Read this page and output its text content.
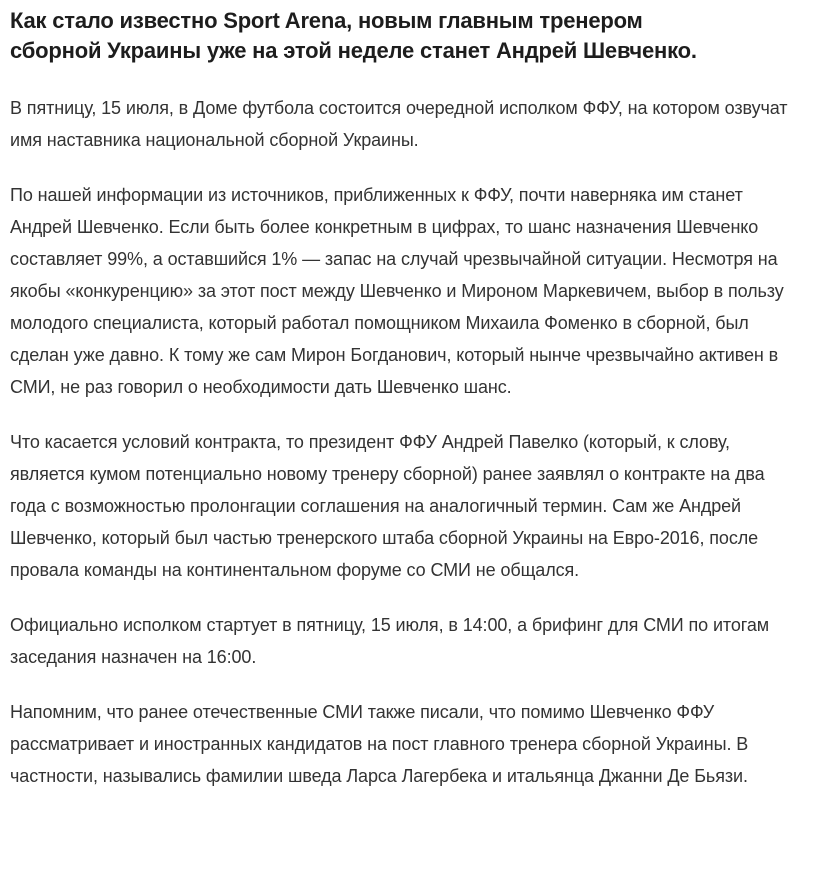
Как стало известно Sport Arena, новым главным тренером сборной Украины уже на этой неделе станет Андрей Шевченко.

В пятницу, 15 июля, в Доме футбола состоится очередной исполком ФФУ, на котором озвучат имя наставника национальной сборной Украины.

По нашей информации из источников, приближенных к ФФУ, почти наверняка им станет Андрей Шевченко. Если быть более конкретным в цифрах, то шанс назначения Шевченко составляет 99%, а оставшийся 1% — запас на случай чрезвычайной ситуации. Несмотря на якобы «конкуренцию» за этот пост между Шевченко и Мироном Маркевичем, выбор в пользу молодого специалиста, который работал помощником Михаила Фоменко в сборной, был сделан уже давно. К тому же сам Мирон Богданович, который нынче чрезвычайно активен в СМИ, не раз говорил о необходимости дать Шевченко шанс.

Что касается условий контракта, то президент ФФУ Андрей Павелко (который, к слову, является кумом потенциально новому тренеру сборной) ранее заявлял о контракте на два года с возможностью пролонгации соглашения на аналогичный термин. Сам же Андрей Шевченко, который был частью тренерского штаба сборной Украины на Евро-2016, после провала команды на континентальном форуме со СМИ не общался.

Официально исполком стартует в пятницу, 15 июля, в 14:00, а брифинг для СМИ по итогам заседания назначен на 16:00.

Напомним, что ранее отечественные СМИ также писали, что помимо Шевченко ФФУ рассматривает и иностранных кандидатов на пост главного тренера сборной Украины. В частности, назывались фамилии шведа Ларса Лагербека и итальянца Джанни Де Бьязи.
